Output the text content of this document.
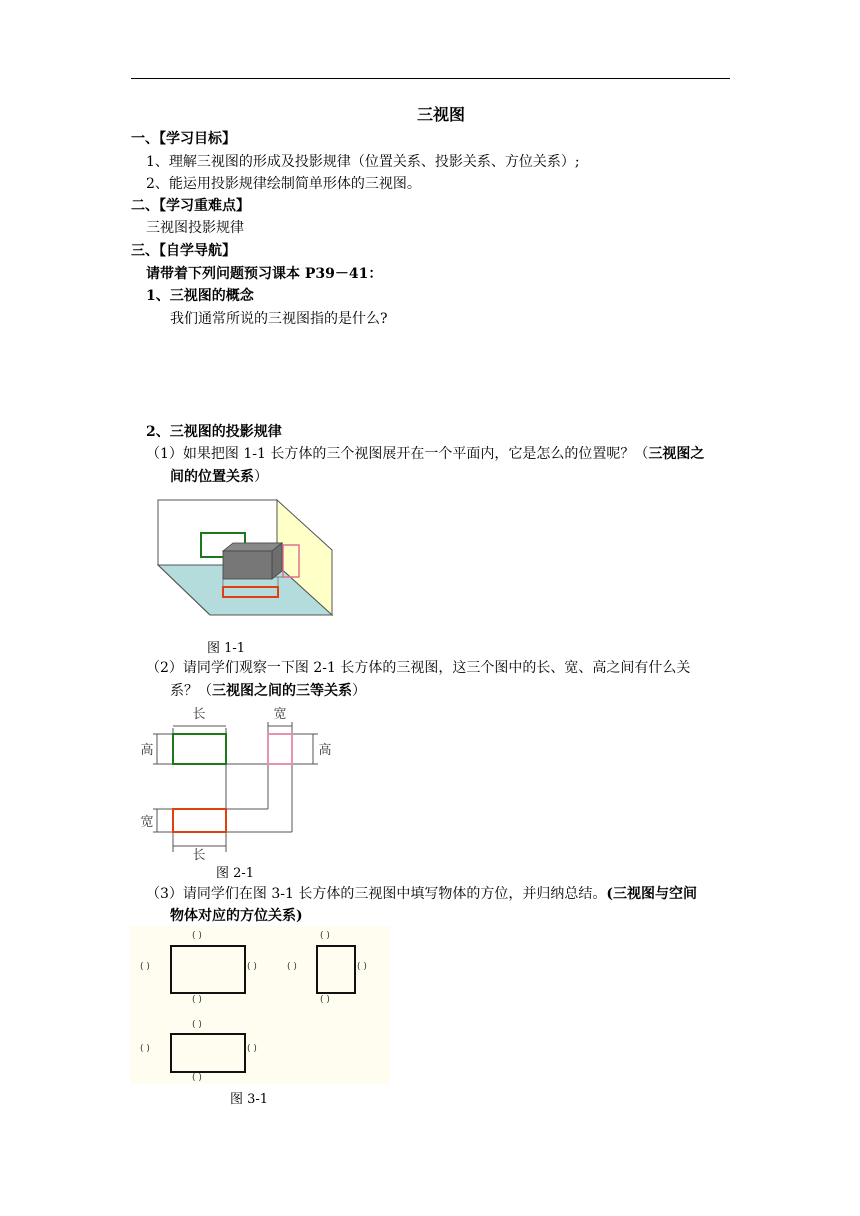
三视图
一、【学习目标】
1、理解三视图的形成及投影规律（位置关系、投影关系、方位关系）;
2、能运用投影规律绘制简单形体的三视图。
二、【学习重难点】
三视图投影规律
三、【自学导航】
请带着下列问题预习课本 P39－41：
1、三视图的概念
我们通常所说的三视图指的是什么?
2、三视图的投影规律
（1）如果把图 1-1 长方体的三个视图展开在一个平面内，它是怎么的位置呢？（三视图之
间的位置关系）
图 1-1
（2）请同学们观察一下图 2-1 长方体的三视图，这三个图中的长、宽、高之间有什么关
系？（三视图之间的三等关系）
长	宽
高	高
宽
长
图 2-1
（3）请同学们在图 3-1 长方体的三视图中填写物体的方位，并归纳总结。(三视图与空间
物体对应的方位关系)
( )
( )	( )
( )
( )
( )	( )
( )
( )
( )	( )
( )
图 3-1
